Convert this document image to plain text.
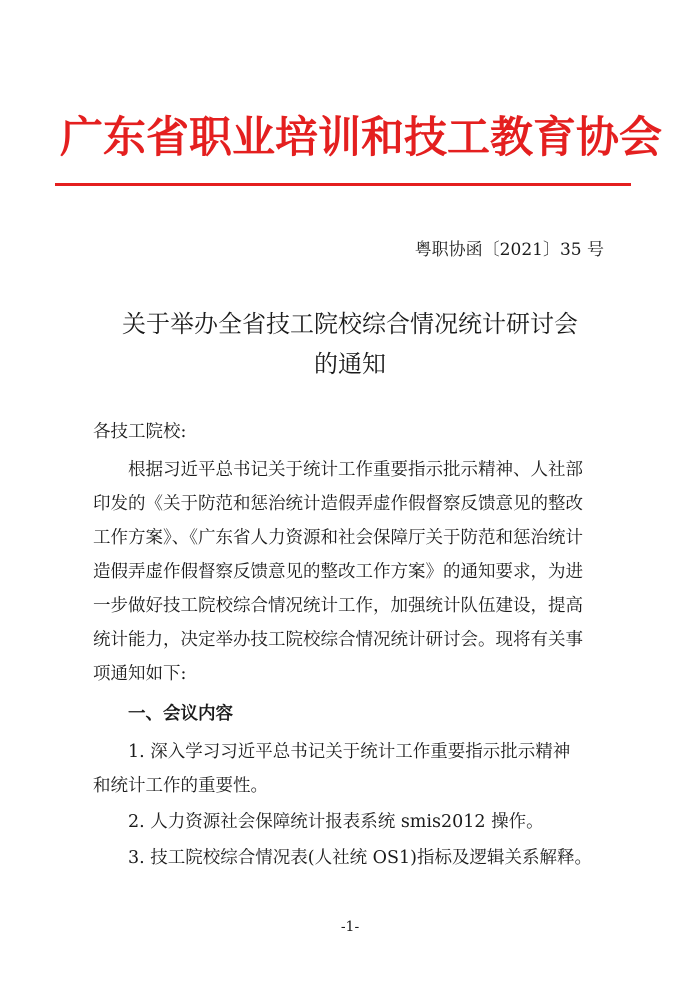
广东省职业培训和技工教育协会
粤职协函〔2021〕35 号
关于举办全省技工院校综合情况统计研讨会
的通知
各技工院校:
根据习近平总书记关于统计工作重要指示批示精神、人社部
印发的《关于防范和惩治统计造假弄虚作假督察反馈意见的整改
工作方案》、《广东省人力资源和社会保障厅关于防范和惩治统计
造假弄虚作假督察反馈意见的整改工作方案》的通知要求，为进
一步做好技工院校综合情况统计工作，加强统计队伍建设，提高
统计能力，决定举办技工院校综合情况统计研讨会。现将有关事
项通知如下:
一、会议内容
1. 深入学习习近平总书记关于统计工作重要指示批示精神
和统计工作的重要性。
2. 人力资源社会保障统计报表系统 smis2012 操作。
3. 技工院校综合情况表(人社统 OS1)指标及逻辑关系解释。
-1-
